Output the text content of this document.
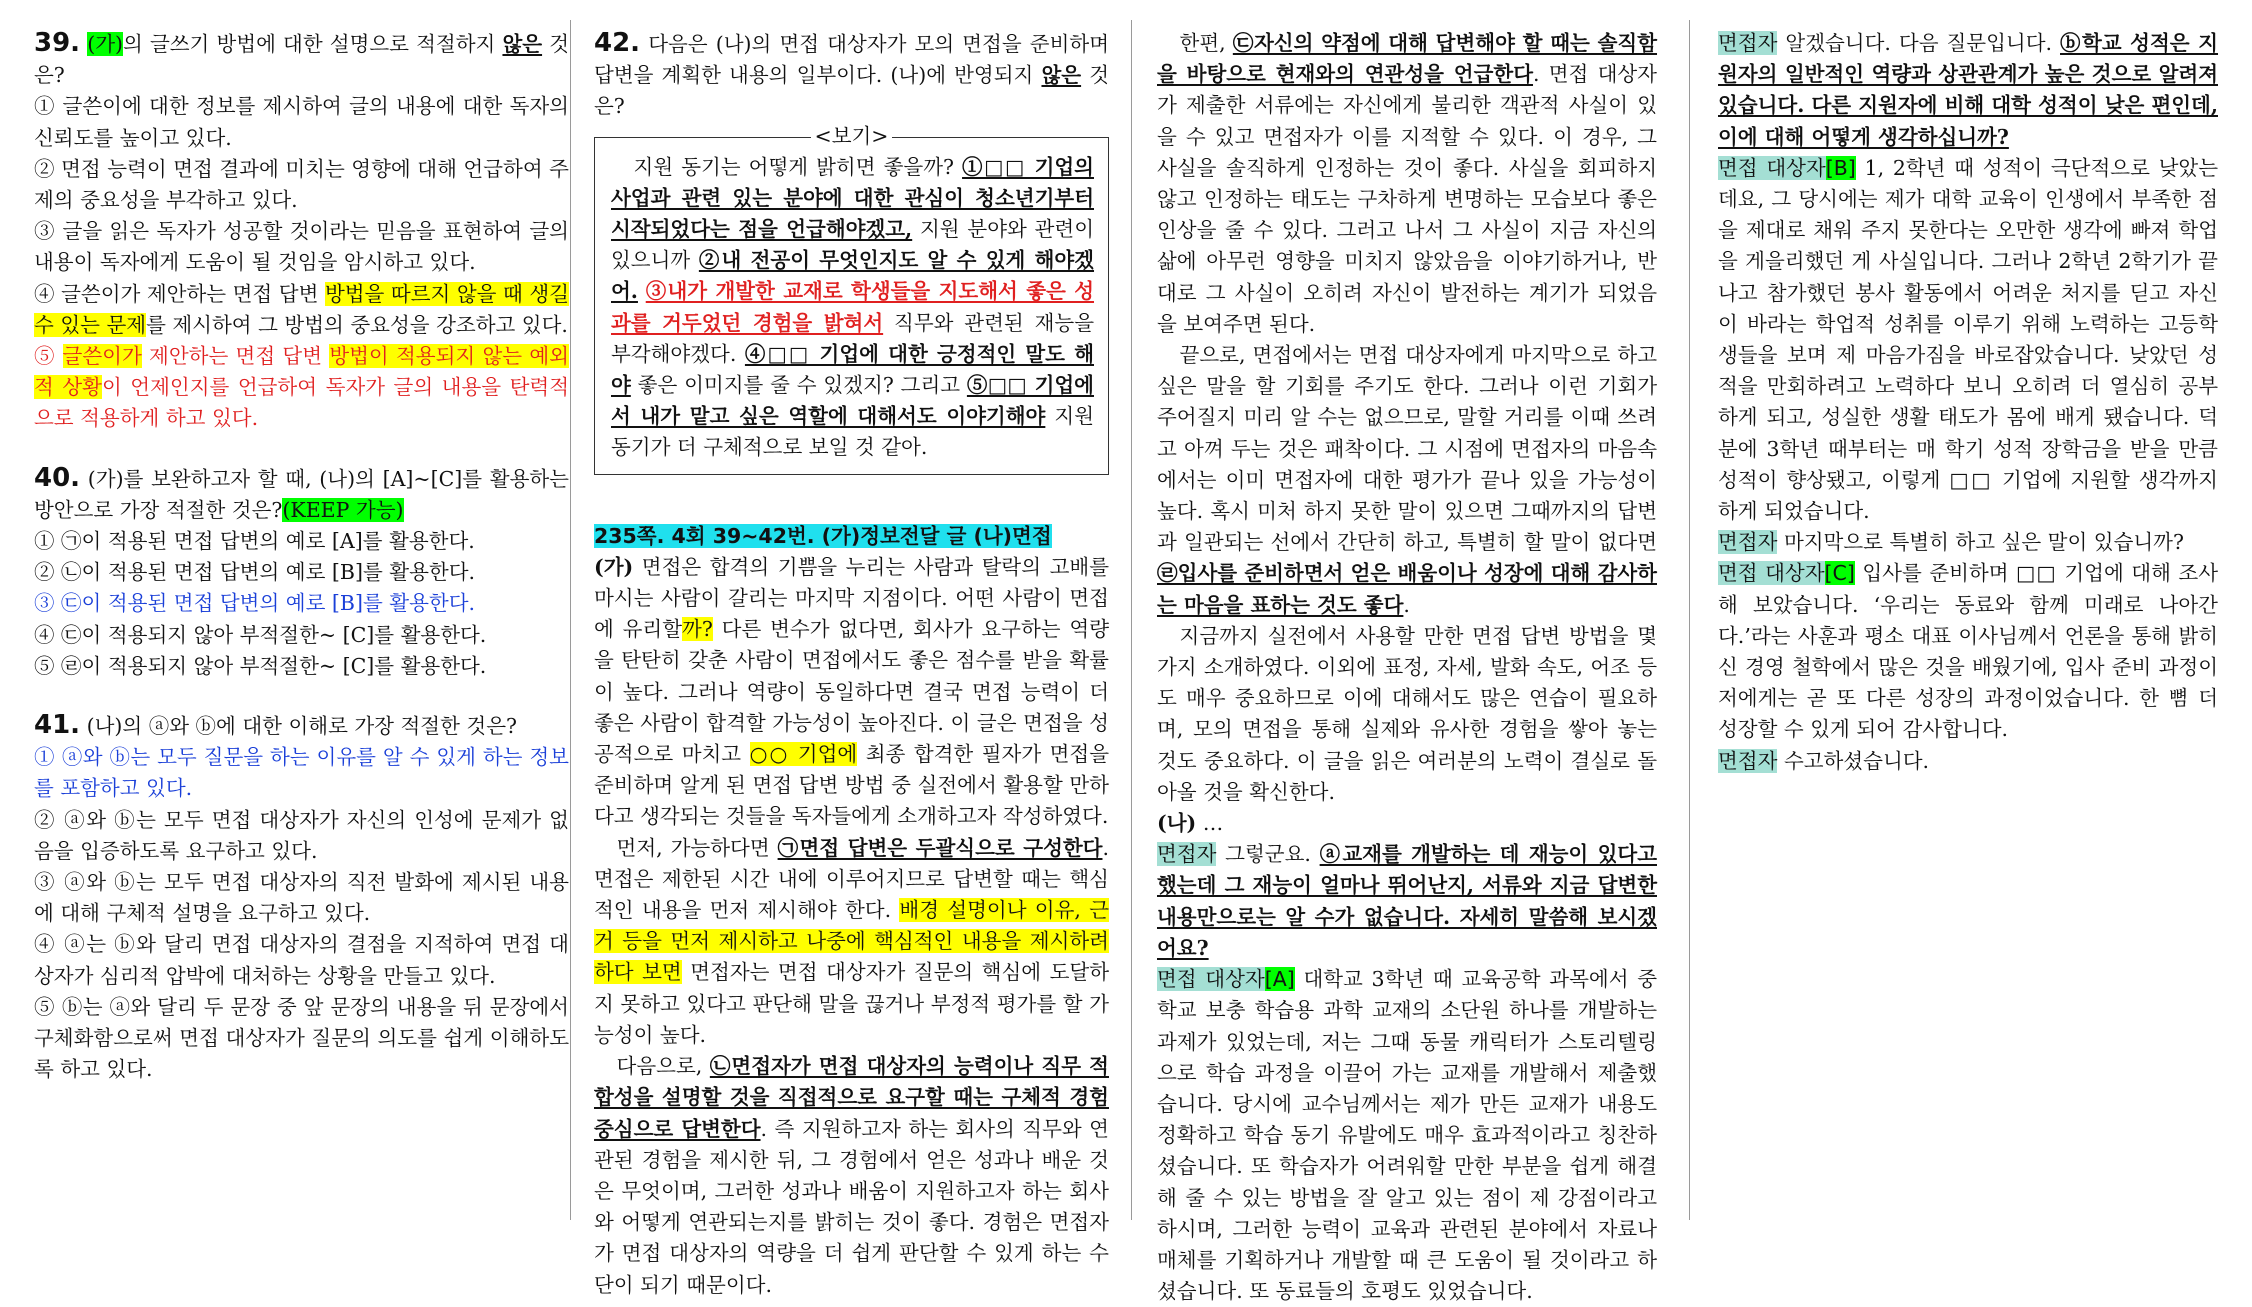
39. (가)의 글쓰기 방법에 대한 설명으로 적절하지 않은 것은?

① 글쓴이에 대한 정보를 제시하여 글의 내용에 대한 독자의 신뢰도를 높이고 있다.

② 면접 능력이 면접 결과에 미치는 영향에 대해 언급하여 주제의 중요성을 부각하고 있다.

③ 글을 읽은 독자가 성공할 것이라는 믿음을 표현하여 글의 내용이 독자에게 도움이 될 것임을 암시하고 있다.

④ 글쓴이가 제안하는 면접 답변 방법을 따르지 않을 때 생길 수 있는 문제를 제시하여 그 방법의 중요성을 강조하고 있다.

⑤ 글쓴이가 제안하는 면접 답변 방법이 적용되지 않는 예외적 상황이 언제인지를 언급하여 독자가 글의 내용을 탄력적으로 적용하게 하고 있다.

40. (가)를 보완하고자 할 때, (나)의 [A]~[C]를 활용하는 방안으로 가장 적절한 것은?(KEEP 가능)

① ㉠이 적용된 면접 답변의 예로 [A]를 활용한다.

② ㉡이 적용된 면접 답변의 예로 [B]를 활용한다.

③ ㉢이 적용된 면접 답변의 예로 [B]를 활용한다.

④ ㉢이 적용되지 않아 부적절한~ [C]를 활용한다.

⑤ ㉣이 적용되지 않아 부적절한~ [C]를 활용한다.

41. (나)의 ⓐ와 ⓑ에 대한 이해로 가장 적절한 것은?

① ⓐ와 ⓑ는 모두 질문을 하는 이유를 알 수 있게 하는 정보를 포함하고 있다.

② ⓐ와 ⓑ는 모두 면접 대상자가 자신의 인성에 문제가 없음을 입증하도록 요구하고 있다.

③ ⓐ와 ⓑ는 모두 면접 대상자의 직전 발화에 제시된 내용에 대해 구체적 설명을 요구하고 있다.

④ ⓐ는 ⓑ와 달리 면접 대상자의 결점을 지적하여 면접 대상자가 심리적 압박에 대처하는 상황을 만들고 있다.

⑤ ⓑ는 ⓐ와 달리 두 문장 중 앞 문장의 내용을 뒤 문장에서 구체화함으로써 면접 대상자가 질문의 의도를 쉽게 이해하도록 하고 있다.

42. 다음은 (나)의 면접 대상자가 모의 면접을 준비하며 답변을 계획한 내용의 일부이다. (나)에 반영되지 않은 것은?

<보기>

지원 동기는 어떻게 밝히면 좋을까? ①□□ 기업의 사업과 관련 있는 분야에 대한 관심이 청소년기부터 시작되었다는 점을 언급해야겠고, 지원 분야와 관련이 있으니까 ②내 전공이 무엇인지도 알 수 있게 해야겠어. ③내가 개발한 교재로 학생들을 지도해서 좋은 성과를 거두었던 경험을 밝혀서 직무와 관련된 재능을 부각해야겠다. ④□□ 기업에 대한 긍정적인 말도 해야 좋은 이미지를 줄 수 있겠지? 그리고 ⑤□□ 기업에서 내가 맡고 싶은 역할에 대해서도 이야기해야 지원 동기가 더 구체적으로 보일 것 같아.

235쪽. 4회 39~42번. (가)정보전달 글 (나)면접

(가) 면접은 합격의 기쁨을 누리는 사람과 탈락의 고배를 마시는 사람이 갈리는 마지막 지점이다. 어떤 사람이 면접에 유리할까? 다른 변수가 없다면, 회사가 요구하는 역량을 탄탄히 갖춘 사람이 면접에서도 좋은 점수를 받을 확률이 높다. 그러나 역량이 동일하다면 결국 면접 능력이 더 좋은 사람이 합격할 가능성이 높아진다. 이 글은 면접을 성공적으로 마치고 ○○ 기업에 최종 합격한 필자가 면접을 준비하며 알게 된 면접 답변 방법 중 실전에서 활용할 만하다고 생각되는 것들을 독자들에게 소개하고자 작성하였다.

먼저, 가능하다면 ㉠면접 답변은 두괄식으로 구성한다. 면접은 제한된 시간 내에 이루어지므로 답변할 때는 핵심적인 내용을 먼저 제시해야 한다. 배경 설명이나 이유, 근거 등을 먼저 제시하고 나중에 핵심적인 내용을 제시하려 하다 보면 면접자는 면접 대상자가 질문의 핵심에 도달하지 못하고 있다고 판단해 말을 끊거나 부정적 평가를 할 가능성이 높다.

다음으로, ㉡면접자가 면접 대상자의 능력이나 직무 적합성을 설명할 것을 직접적으로 요구할 때는 구체적 경험 중심으로 답변한다. 즉 지원하고자 하는 회사의 직무와 연관된 경험을 제시한 뒤, 그 경험에서 얻은 성과나 배운 것은 무엇이며, 그러한 성과나 배움이 지원하고자 하는 회사와 어떻게 연관되는지를 밝히는 것이 좋다. 경험은 면접자가 면접 대상자의 역량을 더 쉽게 판단할 수 있게 하는 수단이 되기 때문이다.

한편, ㉢자신의 약점에 대해 답변해야 할 때는 솔직함을 바탕으로 현재와의 연관성을 언급한다. 면접 대상자가 제출한 서류에는 자신에게 불리한 객관적 사실이 있을 수 있고 면접자가 이를 지적할 수 있다. 이 경우, 그 사실을 솔직하게 인정하는 것이 좋다. 사실을 회피하지 않고 인정하는 태도는 구차하게 변명하는 모습보다 좋은 인상을 줄 수 있다. 그러고 나서 그 사실이 지금 자신의 삶에 아무런 영향을 미치지 않았음을 이야기하거나, 반대로 그 사실이 오히려 자신이 발전하는 계기가 되었음을 보여주면 된다.

끝으로, 면접에서는 면접 대상자에게 마지막으로 하고 싶은 말을 할 기회를 주기도 한다. 그러나 이런 기회가 주어질지 미리 알 수는 없으므로, 말할 거리를 이때 쓰려고 아껴 두는 것은 패착이다. 그 시점에 면접자의 마음속에서는 이미 면접자에 대한 평가가 끝나 있을 가능성이 높다. 혹시 미처 하지 못한 말이 있으면 그때까지의 답변과 일관되는 선에서 간단히 하고, 특별히 할 말이 없다면 ㉣입사를 준비하면서 얻은 배움이나 성장에 대해 감사하는 마음을 표하는 것도 좋다.

지금까지 실전에서 사용할 만한 면접 답변 방법을 몇 가지 소개하였다. 이외에 표정, 자세, 발화 속도, 어조 등도 매우 중요하므로 이에 대해서도 많은 연습이 필요하며, 모의 면접을 통해 실제와 유사한 경험을 쌓아 놓는 것도 중요하다. 이 글을 읽은 여러분의 노력이 결실로 돌아올 것을 확신한다.

(나) …

면접자 그렇군요. ⓐ교재를 개발하는 데 재능이 있다고 했는데 그 재능이 얼마나 뛰어난지, 서류와 지금 답변한 내용만으로는 알 수가 없습니다. 자세히 말씀해 보시겠어요?

면접 대상자[A] 대학교 3학년 때 교육공학 과목에서 중학교 보충 학습용 과학 교재의 소단원 하나를 개발하는 과제가 있었는데, 저는 그때 동물 캐릭터가 스토리텔링으로 학습 과정을 이끌어 가는 교재를 개발해서 제출했습니다. 당시에 교수님께서는 제가 만든 교재가 내용도 정확하고 학습 동기 유발에도 매우 효과적이라고 칭찬하셨습니다. 또 학습자가 어려워할 만한 부분을 쉽게 해결해 줄 수 있는 방법을 잘 알고 있는 점이 제 강점이라고 하시며, 그러한 능력이 교육과 관련된 분야에서 자료나 매체를 기획하거나 개발할 때 큰 도움이 될 것이라고 하셨습니다. 또 동료들의 호평도 있었습니다.

면접자 알겠습니다. 다음 질문입니다. ⓑ학교 성적은 지원자의 일반적인 역량과 상관관계가 높은 것으로 알려져 있습니다. 다른 지원자에 비해 대학 성적이 낮은 편인데, 이에 대해 어떻게 생각하십니까?

면접 대상자[B] 1, 2학년 때 성적이 극단적으로 낮았는데요, 그 당시에는 제가 대학 교육이 인생에서 부족한 점을 제대로 채워 주지 못한다는 오만한 생각에 빠져 학업을 게을리했던 게 사실입니다. 그러나 2학년 2학기가 끝나고 참가했던 봉사 활동에서 어려운 처지를 딛고 자신이 바라는 학업적 성취를 이루기 위해 노력하는 고등학생들을 보며 제 마음가짐을 바로잡았습니다. 낮았던 성적을 만회하려고 노력하다 보니 오히려 더 열심히 공부하게 되고, 성실한 생활 태도가 몸에 배게 됐습니다. 덕분에 3학년 때부터는 매 학기 성적 장학금을 받을 만큼 성적이 향상됐고, 이렇게 □□ 기업에 지원할 생각까지 하게 되었습니다.

면접자 마지막으로 특별히 하고 싶은 말이 있습니까?

면접 대상자[C] 입사를 준비하며 □□ 기업에 대해 조사해 보았습니다. ‘우리는 동료와 함께 미래로 나아간다.’라는 사훈과 평소 대표 이사님께서 언론을 통해 밝히신 경영 철학에서 많은 것을 배웠기에, 입사 준비 과정이 저에게는 곧 또 다른 성장의 과정이었습니다. 한 뼘 더 성장할 수 있게 되어 감사합니다.

면접자 수고하셨습니다.
